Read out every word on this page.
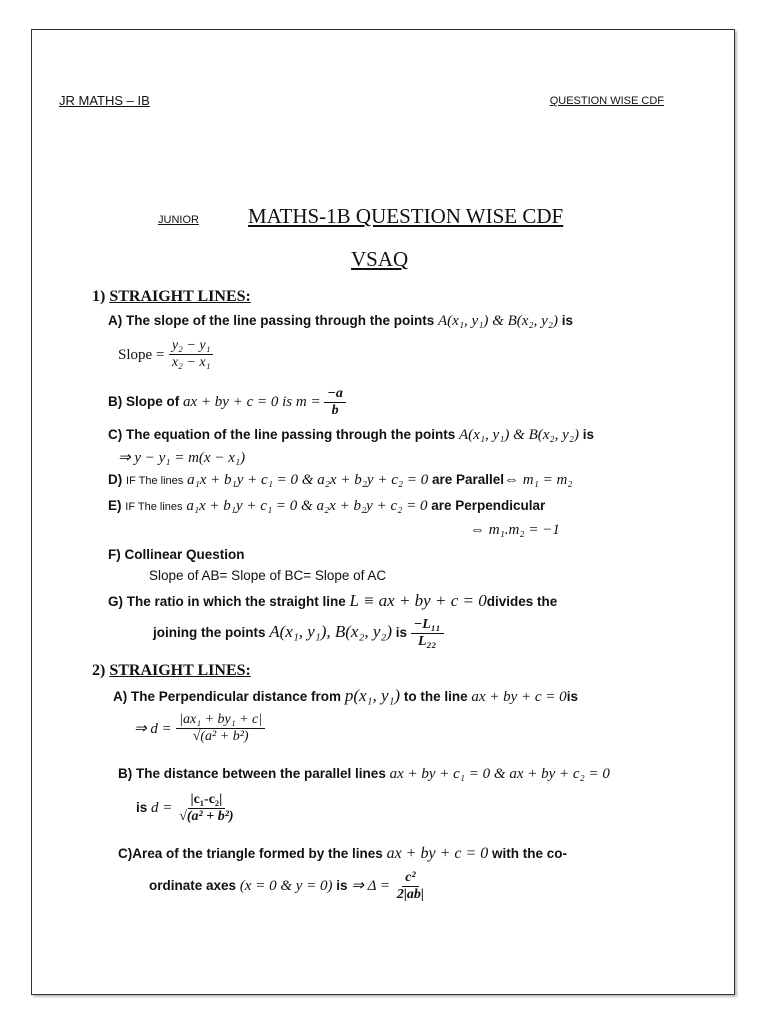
JR MATHS – IB	QUESTION WISE CDF
JUNIOR MATHS-1B QUESTION WISE CDF
VSAQ
1) STRAIGHT LINES:
A) The slope of the line passing through the points A(x₁, y₁) & B(x₂, y₂) is
Slope = $\frac{\text{y₂ − y₁}}{\text{x₂ − x₁}}$
B) Slope of ax + by + c = 0 is $m = \frac{-a}{b}$
C) The equation of the line passing through the points A(x₁, y₁) & B(x₂, y₂) is
⇒ y − y₁ = m(x − x₁)
D) IF The lines a₁x + b₁y + c₁ = 0 & a₂x + b₂y + c₂ = 0 are Parallel⇔ m₁ = m₂
E) IF The lines a₁x + b₁y + c₁ = 0 & a₂x + b₂y + c₂ = 0 are Perpendicular
⇔ m₁.m₂ = −1
F) Collinear Question
Slope of AB= Slope of BC= Slope of AC
G) The ratio in which the straight line L ≡ ax + by + c = 0divides the
joining the points A(x₁, y₁), B(x₂, y₂) is $\frac{\text{−L₁₁}}{\text{L₂₂}}$
2) STRAIGHT LINES:
A) The Perpendicular distance from p(x₁, y₁) to the line ax + by + c = 0is
⇒ $d = \frac{\text{|ax₁ + by₁ + c|}}{\text{√(a² + b²)}}$
B) The distance between the parallel lines ax + by + c₁ = 0 & ax + by + c₂ = 0
is $d = \frac{\text{|c₁-c₂|}}{\text{√(a² + b²)}}$
C)Area of the triangle formed by the lines ax + by + c = 0 with the co-
ordinate axes (x = 0 & y = 0) is ⇒ $\Delta = \frac{\text{c²}}{2|ab|}$
